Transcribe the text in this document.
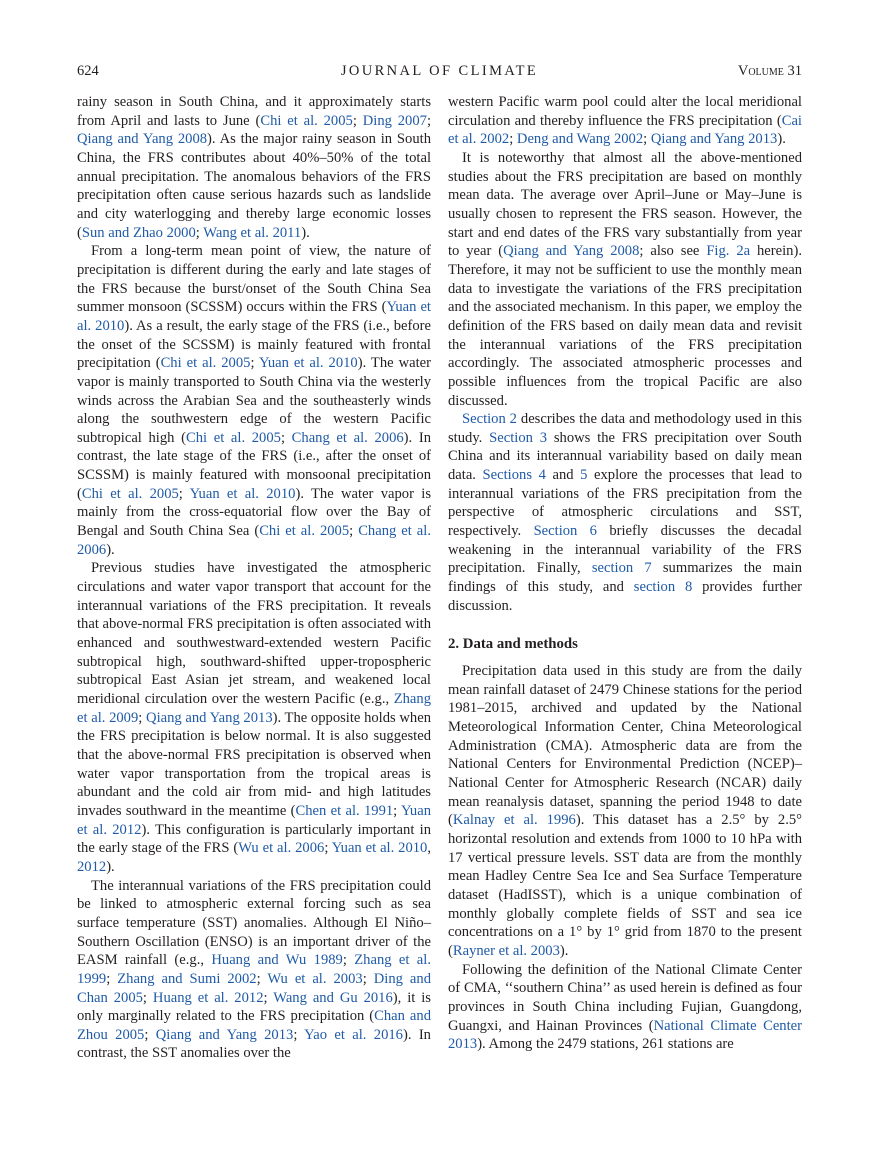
624	JOURNAL OF CLIMATE	Volume 31

rainy season in South China, and it approximately starts from April and lasts to June (Chi et al. 2005; Ding 2007; Qiang and Yang 2008). As the major rainy season in South China, the FRS contributes about 40%–50% of the total annual precipitation. The anomalous behaviors of the FRS precipitation often cause serious hazards such as landslide and city waterlogging and thereby large economic losses (Sun and Zhao 2000; Wang et al. 2011).

From a long-term mean point of view, the nature of precipitation is different during the early and late stages of the FRS because the burst/onset of the South China Sea summer monsoon (SCSSM) occurs within the FRS (Yuan et al. 2010). As a result, the early stage of the FRS (i.e., before the onset of the SCSSM) is mainly featured with frontal precipitation (Chi et al. 2005; Yuan et al. 2010). The water vapor is mainly transported to South China via the westerly winds across the Arabian Sea and the southeasterly winds along the southwestern edge of the western Pacific subtropical high (Chi et al. 2005; Chang et al. 2006). In contrast, the late stage of the FRS (i.e., after the onset of SCSSM) is mainly featured with monsoonal precipitation (Chi et al. 2005; Yuan et al. 2010). The water vapor is mainly from the cross-equatorial flow over the Bay of Bengal and South China Sea (Chi et al. 2005; Chang et al. 2006).

Previous studies have investigated the atmospheric circulations and water vapor transport that account for the interannual variations of the FRS precipitation. It reveals that above-normal FRS precipitation is often associated with enhanced and southwestward-extended western Pacific subtropical high, southward-shifted upper-tropospheric subtropical East Asian jet stream, and weakened local meridional circulation over the western Pacific (e.g., Zhang et al. 2009; Qiang and Yang 2013). The opposite holds when the FRS precipitation is below normal. It is also suggested that the above-normal FRS precipitation is observed when water vapor transportation from the tropical areas is abundant and the cold air from mid- and high latitudes invades southward in the meantime (Chen et al. 1991; Yuan et al. 2012). This configuration is particularly important in the early stage of the FRS (Wu et al. 2006; Yuan et al. 2010, 2012).

The interannual variations of the FRS precipitation could be linked to atmospheric external forcing such as sea surface temperature (SST) anomalies. Although El Niño–Southern Oscillation (ENSO) is an important driver of the EASM rainfall (e.g., Huang and Wu 1989; Zhang et al. 1999; Zhang and Sumi 2002; Wu et al. 2003; Ding and Chan 2005; Huang et al. 2012; Wang and Gu 2016), it is only marginally related to the FRS precipitation (Chan and Zhou 2005; Qiang and Yang 2013; Yao et al. 2016). In contrast, the SST anomalies over the

western Pacific warm pool could alter the local meridional circulation and thereby influence the FRS precipitation (Cai et al. 2002; Deng and Wang 2002; Qiang and Yang 2013).

It is noteworthy that almost all the above-mentioned studies about the FRS precipitation are based on monthly mean data. The average over April–June or May–June is usually chosen to represent the FRS season. However, the start and end dates of the FRS vary substantially from year to year (Qiang and Yang 2008; also see Fig. 2a herein). Therefore, it may not be sufficient to use the monthly mean data to investigate the variations of the FRS precipitation and the associated mechanism. In this paper, we employ the definition of the FRS based on daily mean data and revisit the interannual variations of the FRS precipitation accordingly. The associated atmospheric processes and possible influences from the tropical Pacific are also discussed.

Section 2 describes the data and methodology used in this study. Section 3 shows the FRS precipitation over South China and its interannual variability based on daily mean data. Sections 4 and 5 explore the processes that lead to interannual variations of the FRS precipitation from the perspective of atmospheric circulations and SST, respectively. Section 6 briefly discusses the decadal weakening in the interannual variability of the FRS precipitation. Finally, section 7 summarizes the main findings of this study, and section 8 provides further discussion.

2. Data and methods

Precipitation data used in this study are from the daily mean rainfall dataset of 2479 Chinese stations for the period 1981–2015, archived and updated by the National Meteorological Information Center, China Meteorological Administration (CMA). Atmospheric data are from the National Centers for Environmental Prediction (NCEP)–National Center for Atmospheric Research (NCAR) daily mean reanalysis dataset, spanning the period 1948 to date (Kalnay et al. 1996). This dataset has a 2.5° by 2.5° horizontal resolution and extends from 1000 to 10 hPa with 17 vertical pressure levels. SST data are from the monthly mean Hadley Centre Sea Ice and Sea Surface Temperature dataset (HadISST), which is a unique combination of monthly globally complete fields of SST and sea ice concentrations on a 1° by 1° grid from 1870 to the present (Rayner et al. 2003).

Following the definition of the National Climate Center of CMA, ‘‘southern China’’ as used herein is defined as four provinces in South China including Fujian, Guangdong, Guangxi, and Hainan Provinces (National Climate Center 2013). Among the 2479 stations, 261 stations are
